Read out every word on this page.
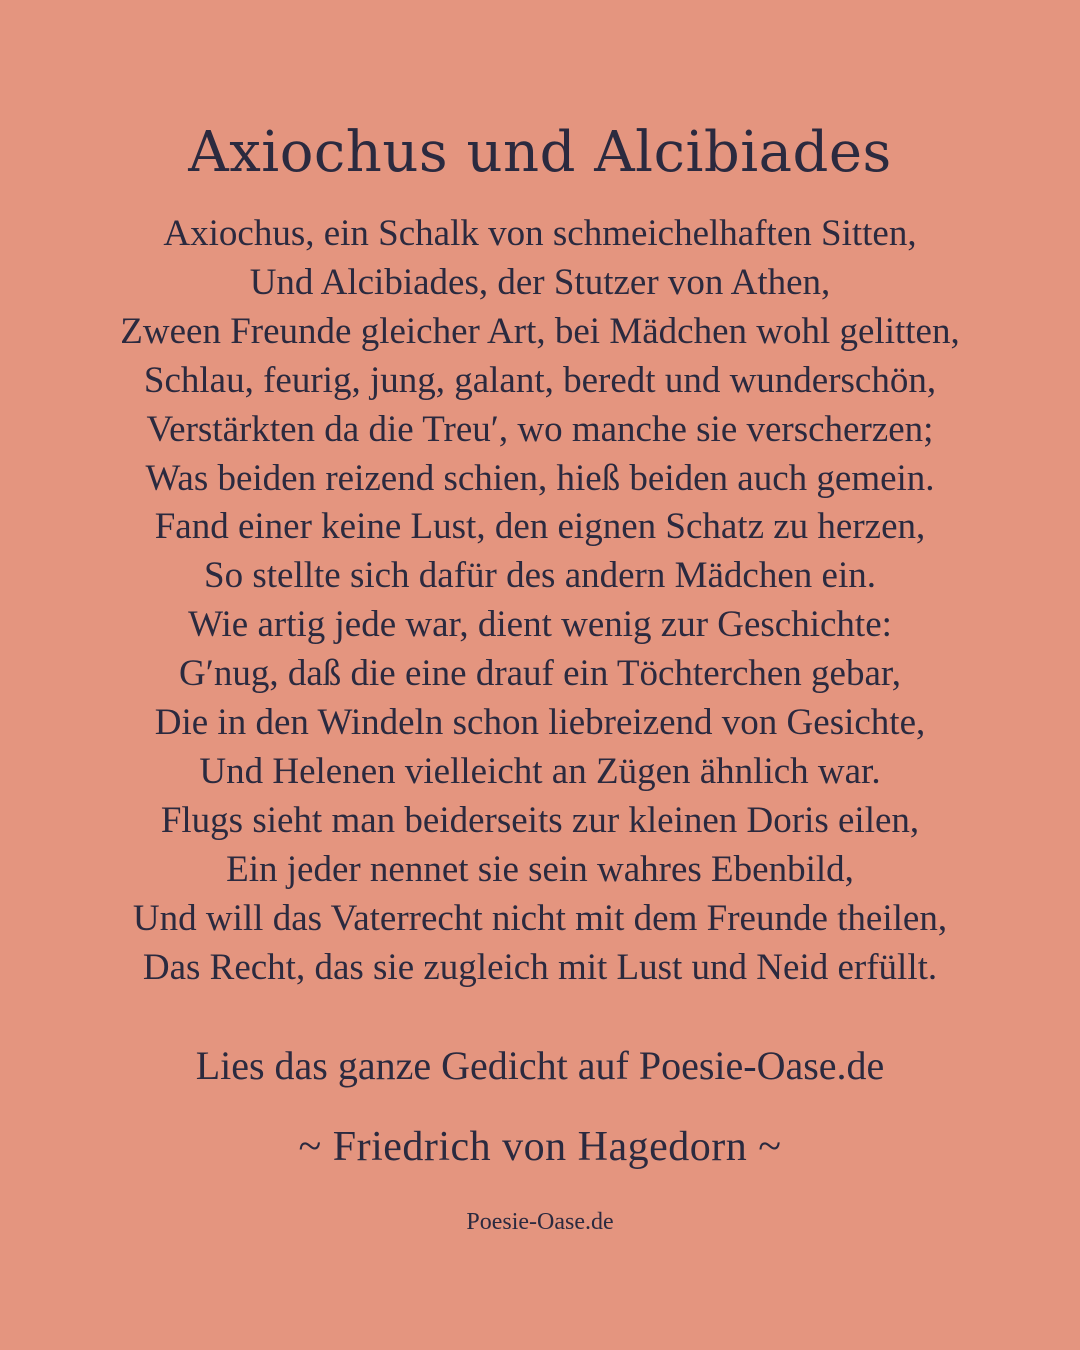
Axiochus und Alcibiades
Axiochus, ein Schalk von schmeichelhaften Sitten,
Und Alcibiades, der Stutzer von Athen,
Zween Freunde gleicher Art, bei Mädchen wohl gelitten,
Schlau, feurig, jung, galant, beredt und wunderschön,
Verstärkten da die Treu′, wo manche sie verscherzen;
Was beiden reizend schien, hieß beiden auch gemein.
Fand einer keine Lust, den eignen Schatz zu herzen,
So stellte sich dafür des andern Mädchen ein.
Wie artig jede war, dient wenig zur Geschichte:
G′nug, daß die eine drauf ein Töchterchen gebar,
Die in den Windeln schon liebreizend von Gesichte,
Und Helenen vielleicht an Zügen ähnlich war.
Flugs sieht man beiderseits zur kleinen Doris eilen,
Ein jeder nennet sie sein wahres Ebenbild,
Und will das Vaterrecht nicht mit dem Freunde theilen,
Das Recht, das sie zugleich mit Lust und Neid erfüllt.

Lies das ganze Gedicht auf Poesie-Oase.de

~ Friedrich von Hagedorn ~

Poesie-Oase.de
